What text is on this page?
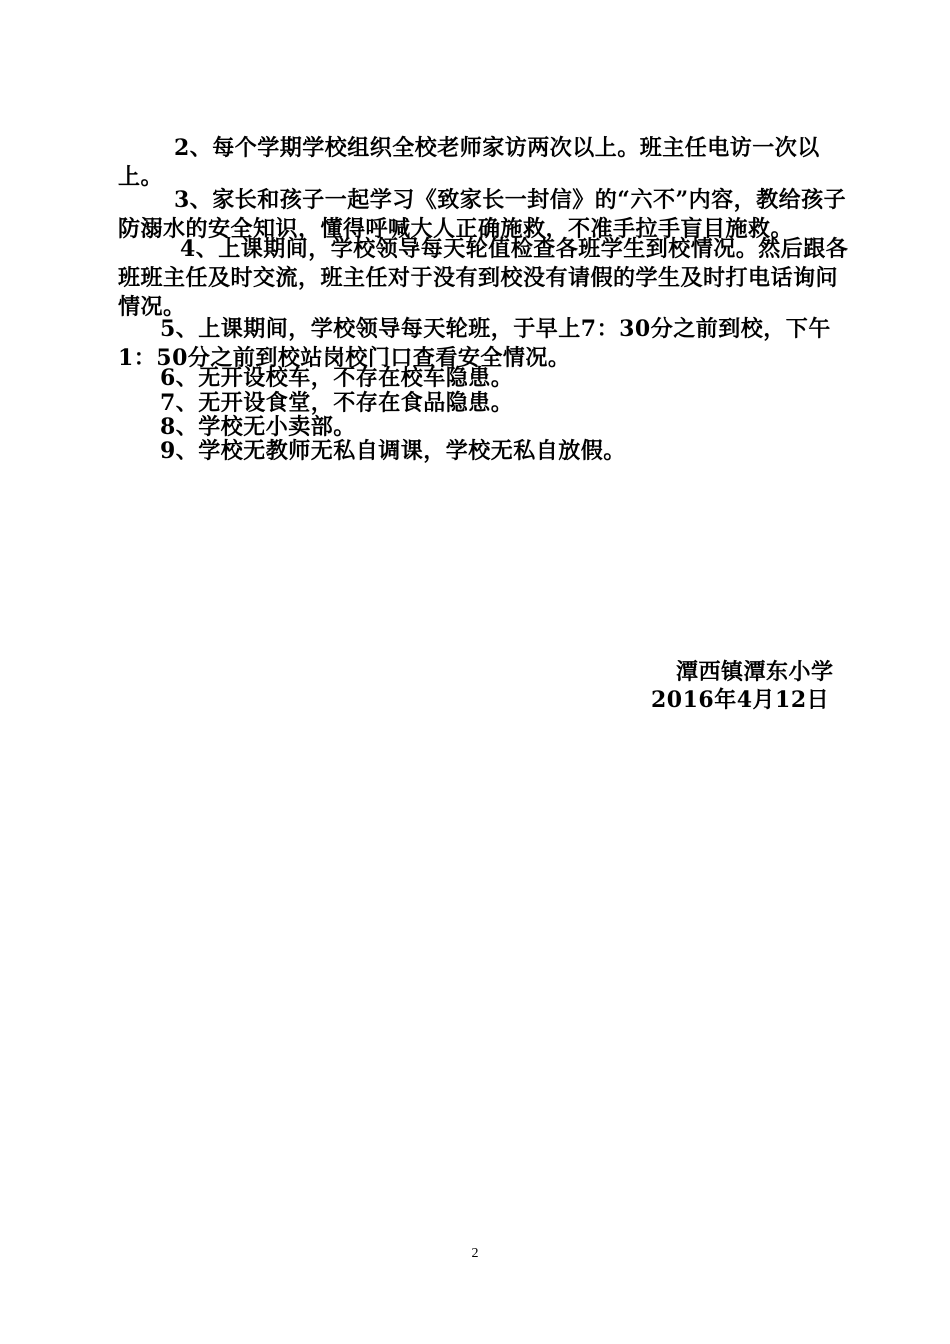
2、每个学期学校组织全校老师家访两次以上。班主任电访一次以上。

3、家长和孩子一起学习《致家长一封信》的“六不”内容，教给孩子防溺水的安全知识，懂得呼喊大人正确施救，不准手拉手盲目施救。

4、上课期间，学校领导每天轮值检查各班学生到校情况。然后跟各班班主任及时交流，班主任对于没有到校没有请假的学生及时打电话询问情况。

5、上课期间，学校领导每天轮班，于早上7：30分之前到校，下午1：50分之前到校站岗校门口查看安全情况。

6、无开设校车，不存在校车隐患。

7、无开设食堂，不存在食品隐患。

8、学校无小卖部。

9、学校无教师无私自调课，学校无私自放假。

潭西镇潭东小学
2016年4月12日
2
